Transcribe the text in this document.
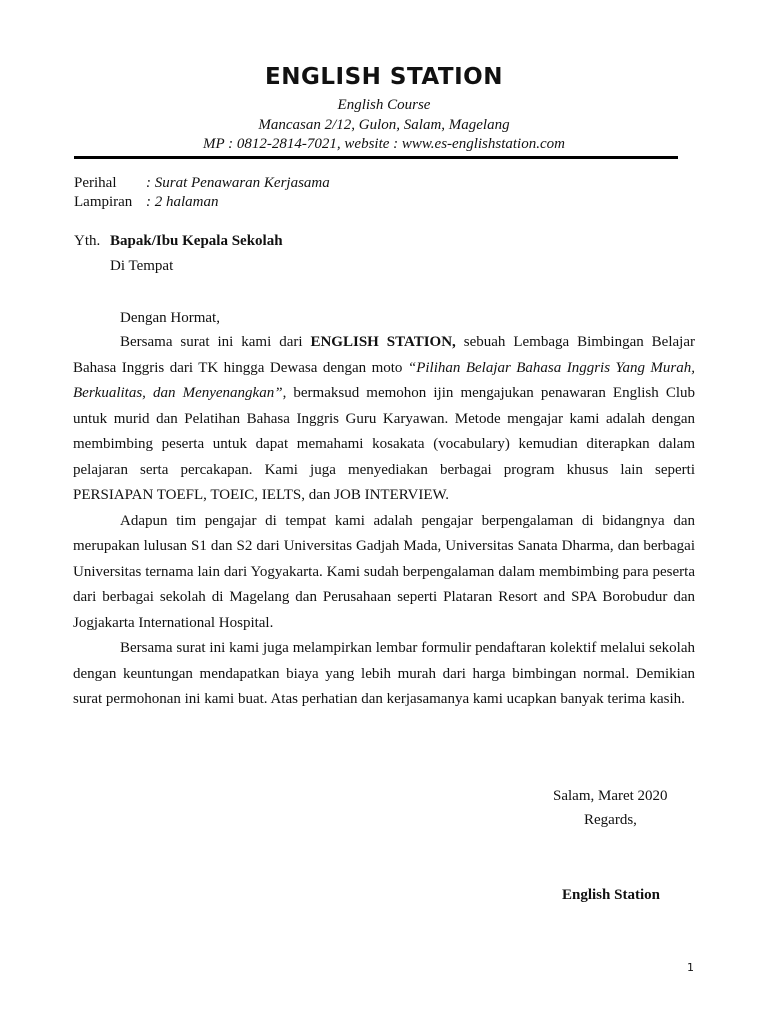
ENGLISH STATION
English Course
Mancasan 2/12, Gulon, Salam, Magelang
MP : 0812-2814-7021, website : www.es-englishstation.com
Perihal : Surat Penawaran Kerjasama
Lampiran : 2 halaman
Yth. Bapak/Ibu Kepala Sekolah
Di Tempat
Dengan Hormat,

Bersama surat ini kami dari ENGLISH STATION, sebuah Lembaga Bimbingan Belajar Bahasa Inggris dari TK hingga Dewasa dengan moto “Pilihan Belajar Bahasa Inggris Yang Murah, Berkualitas, dan Menyenangkan”, bermaksud memohon ijin mengajukan penawaran English Club untuk murid dan Pelatihan Bahasa Inggris Guru Karyawan. Metode mengajar kami adalah dengan membimbing peserta untuk dapat memahami kosakata (vocabulary) kemudian diterapkan dalam pelajaran serta percakapan. Kami juga menyediakan berbagai program khusus lain seperti PERSIAPAN TOEFL, TOEIC, IELTS, dan JOB INTERVIEW.

Adapun tim pengajar di tempat kami adalah pengajar berpengalaman di bidangnya dan merupakan lulusan S1 dan S2 dari Universitas Gadjah Mada, Universitas Sanata Dharma, dan berbagai Universitas ternama lain dari Yogyakarta. Kami sudah berpengalaman dalam membimbing para peserta dari berbagai sekolah di Magelang dan Perusahaan seperti Plataran Resort and SPA Borobudur dan Jogjakarta International Hospital.

Bersama surat ini kami juga melampirkan lembar formulir pendaftaran kolektif melalui sekolah dengan keuntungan mendapatkan biaya yang lebih murah dari harga bimbingan normal. Demikian surat permohonan ini kami buat. Atas perhatian dan kerjasamanya kami ucapkan banyak terima kasih.

Salam, Maret 2020
Regards,
English Station
1
